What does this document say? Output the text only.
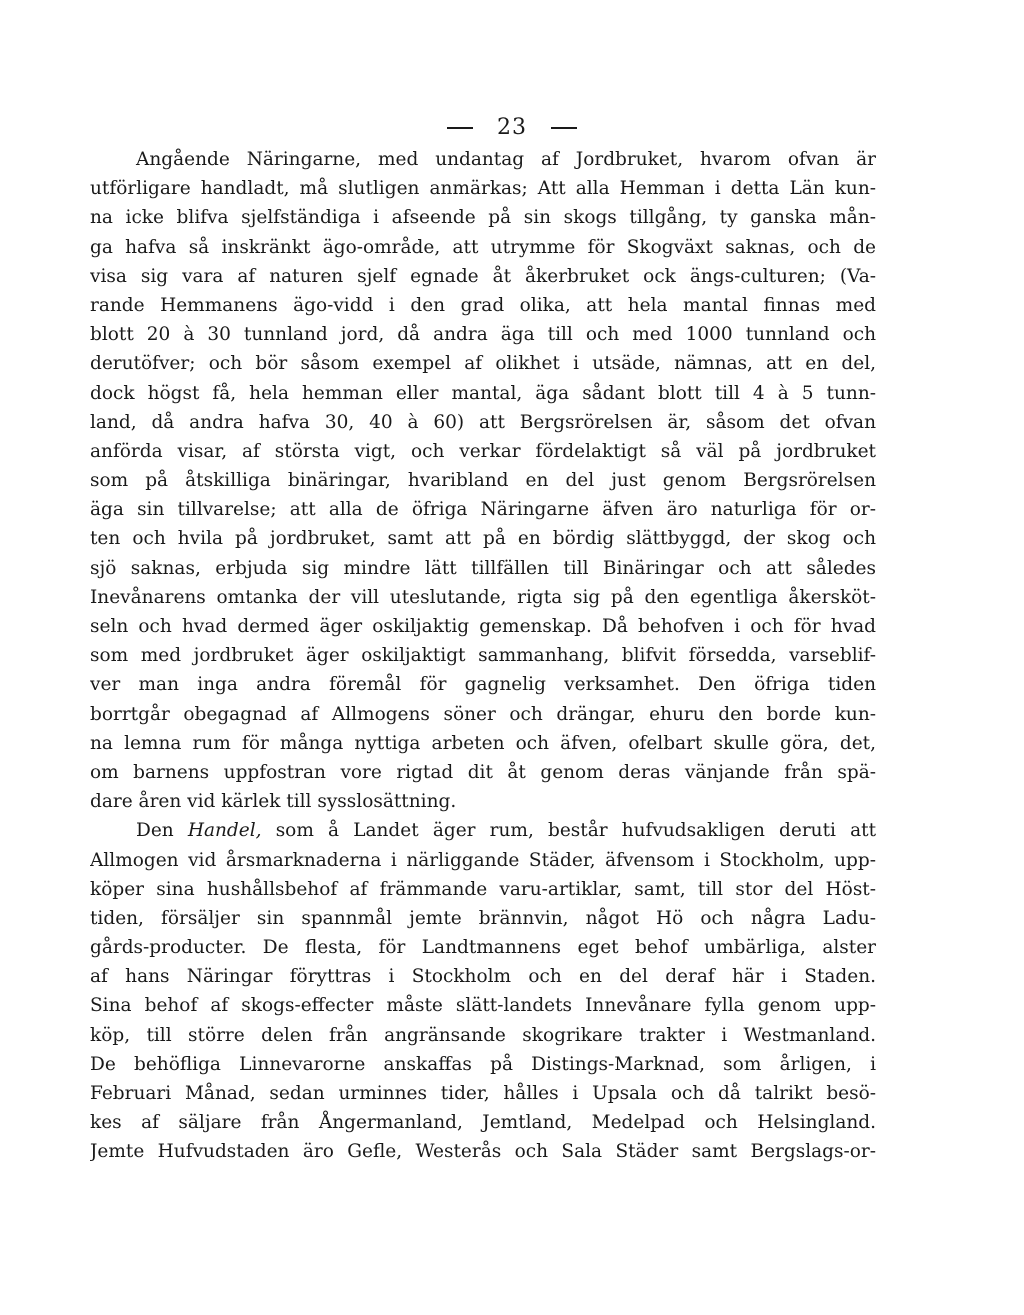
23
Angående Näringarne, med undantag af Jordbruket, hvarom ofvan är
utförligare handladt, må slutligen anmärkas; Att alla Hemman i detta Län kun-
na icke blifva sjelfständiga i afseende på sin skogs tillgång, ty ganska mån-
ga hafva så inskränkt ägo-område, att utrymme för Skogväxt saknas, och de
visa sig vara af naturen sjelf egnade åt åkerbruket ock ängs-culturen; (Va-
rande Hemmanens ägo-vidd i den grad olika, att hela mantal finnas med
blott 20 à 30 tunnland jord, då andra äga till och med 1000 tunnland och
derutöfver; och bör såsom exempel af olikhet i utsäde, nämnas, att en del,
dock högst få, hela hemman eller mantal, äga sådant blott till 4 à 5 tunn-
land, då andra hafva 30, 40 à 60) att Bergsrörelsen är, såsom det ofvan
anförda visar, af största vigt, och verkar fördelaktigt så väl på jordbruket
som på åtskilliga binäringar, hvaribland en del just genom Bergsrörelsen
äga sin tillvarelse; att alla de öfriga Näringarne äfven äro naturliga för or-
ten och hvila på jordbruket, samt att på en bördig slättbyggd, der skog och
sjö saknas, erbjuda sig mindre lätt tillfällen till Binäringar och att således
Inevånarens omtanka der vill uteslutande, rigta sig på den egentliga åkersköt-
seln och hvad dermed äger oskiljaktig gemenskap. Då behofven i och för hvad
som med jordbruket äger oskiljaktigt sammanhang, blifvit försedda, varseblif-
ver man inga andra föremål för gagnelig verksamhet. Den öfriga tiden
borrtgår obegagnad af Allmogens söner och drängar, ehuru den borde kun-
na lemna rum för många nyttiga arbeten och äfven, ofelbart skulle göra, det,
om barnens uppfostran vore rigtad dit åt genom deras vänjande från spä-
dare åren vid kärlek till sysslosättning.
Den Handel, som å Landet äger rum, består hufvudsakligen deruti att
Allmogen vid årsmarknaderna i närliggande Städer, äfvensom i Stockholm, upp-
köper sina hushållsbehof af främmande varu-artiklar, samt, till stor del Höst-
tiden, försäljer sin spannmål jemte brännvin, något Hö och några Ladu-
gårds-producter. De flesta, för Landtmannens eget behof umbärliga, alster
af hans Näringar föryttras i Stockholm och en del deraf här i Staden.
Sina behof af skogs-effecter måste slätt-landets Innevånare fylla genom upp-
köp, till större delen från angränsande skogrikare trakter i Westmanland.
De behöfliga Linnevarorne anskaffas på Distings-Marknad, som årligen, i
Februari Månad, sedan urminnes tider, hålles i Upsala och då talrikt besö-
kes af säljare från Ångermanland, Jemtland, Medelpad och Helsingland.
Jemte Hufvudstaden äro Gefle, Westerås och Sala Städer samt Bergslags-or-
